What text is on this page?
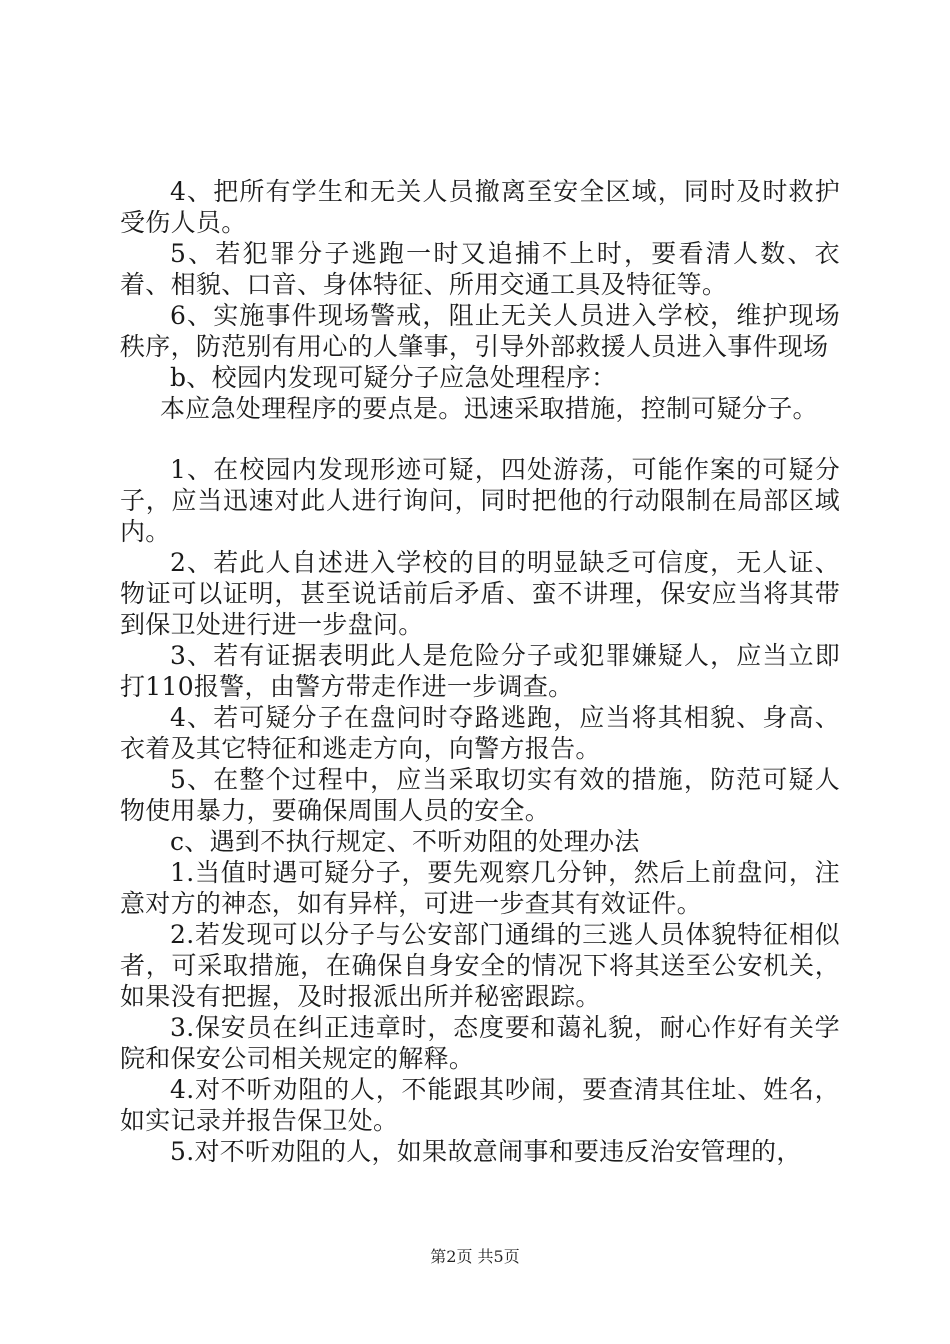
4、把所有学生和无关人员撤离至安全区域，同时及时救护受伤人员。

5、若犯罪分子逃跑一时又追捕不上时，要看清人数、衣着、相貌、口音、身体特征、所用交通工具及特征等。

6、实施事件现场警戒，阻止无关人员进入学校，维护现场秩序，防范别有用心的人肇事，引导外部救援人员进入事件现场

b、校园内发现可疑分子应急处理程序：

本应急处理程序的要点是。迅速采取措施，控制可疑分子。

1、在校园内发现形迹可疑，四处游荡，可能作案的可疑分子，应当迅速对此人进行询问，同时把他的行动限制在局部区域内。

2、若此人自述进入学校的目的明显缺乏可信度，无人证、物证可以证明，甚至说话前后矛盾、蛮不讲理，保安应当将其带到保卫处进行进一步盘问。

3、若有证据表明此人是危险分子或犯罪嫌疑人，应当立即打110报警，由警方带走作进一步调查。

4、若可疑分子在盘问时夺路逃跑，应当将其相貌、身高、衣着及其它特征和逃走方向，向警方报告。

5、在整个过程中，应当采取切实有效的措施，防范可疑人物使用暴力，要确保周围人员的安全。

c、遇到不执行规定、不听劝阻的处理办法

1.当值时遇可疑分子，要先观察几分钟，然后上前盘问，注意对方的神态，如有异样，可进一步查其有效证件。

2.若发现可以分子与公安部门通缉的三逃人员体貌特征相似者，可采取措施，在确保自身安全的情况下将其送至公安机关，如果没有把握，及时报派出所并秘密跟踪。

3.保安员在纠正违章时，态度要和蔼礼貌，耐心作好有关学院和保安公司相关规定的解释。

4.对不听劝阻的人，不能跟其吵闹，要查清其住址、姓名，如实记录并报告保卫处。

5.对不听劝阻的人，如果故意闹事和要违反治安管理的，

第2页 共5页
